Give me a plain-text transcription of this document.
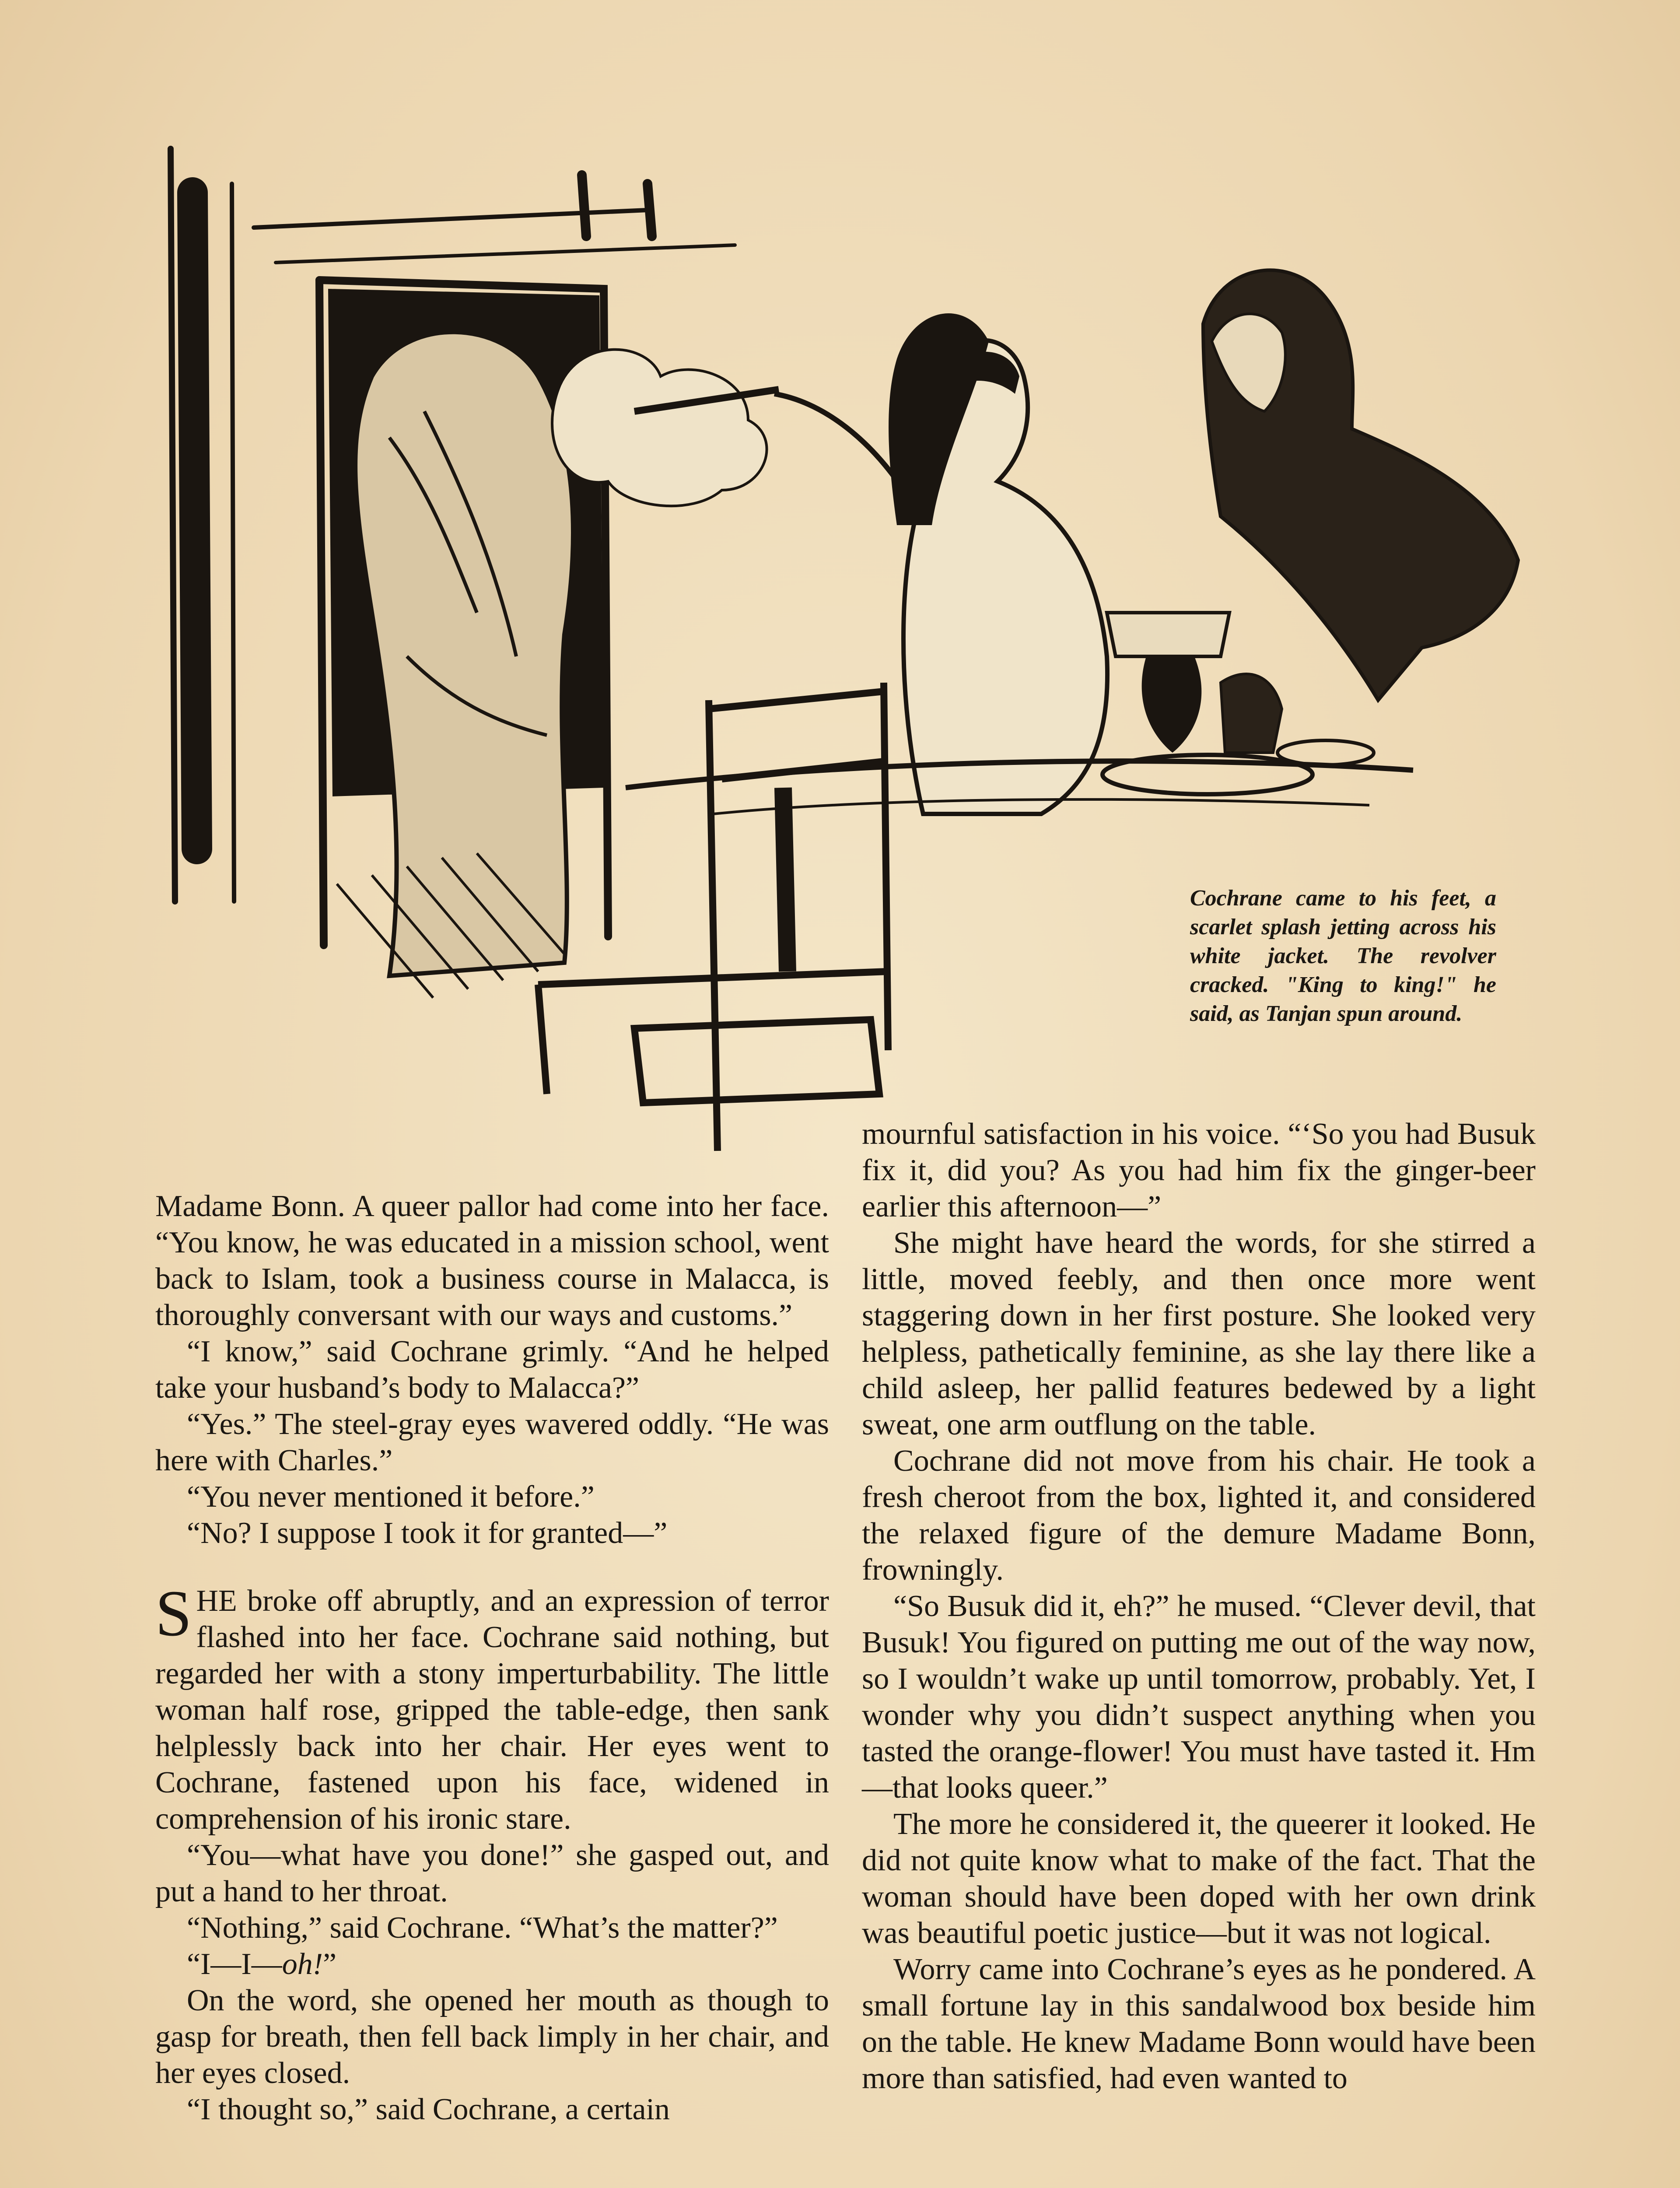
Cochrane came to his feet, a scarlet splash jetting across his white jacket. The revolver cracked. "King to king!" he said, as Tanjan spun around.

Madame Bonn. A queer pallor had come into her face. “You know, he was educated in a mission school, went back to Islam, took a business course in Malacca, is thoroughly conversant with our ways and customs.”

“I know,” said Cochrane grimly. “And he helped take your husband’s body to Malacca?”

“Yes.” The steel-gray eyes wavered oddly. “He was here with Charles.”

“You never mentioned it before.”

“No? I suppose I took it for granted—”

SHE broke off abruptly, and an expression of terror flashed into her face. Cochrane said nothing, but regarded her with a stony imperturbability. The little woman half rose, gripped the table-edge, then sank helplessly back into her chair. Her eyes went to Cochrane, fastened upon his face, widened in comprehension of his ironic stare.

“You—what have you done!” she gasped out, and put a hand to her throat.

“Nothing,” said Cochrane. “What’s the matter?”

“I—I—oh!”

On the word, she opened her mouth as though to gasp for breath, then fell back limply in her chair, and her eyes closed.

“I thought so,” said Cochrane, a certain

mournful satisfaction in his voice. “‘So you had Busuk fix it, did you? As you had him fix the ginger-beer earlier this afternoon—”

She might have heard the words, for she stirred a little, moved feebly, and then once more went staggering down in her first posture. She looked very helpless, pathetically feminine, as she lay there like a child asleep, her pallid features bedewed by a light sweat, one arm outflung on the table.

Cochrane did not move from his chair. He took a fresh cheroot from the box, lighted it, and considered the relaxed figure of the demure Madame Bonn, frowningly.

“So Busuk did it, eh?” he mused. “Clever devil, that Busuk! You figured on putting me out of the way now, so I wouldn’t wake up until tomorrow, probably. Yet, I wonder why you didn’t suspect anything when you tasted the orange-flower! You must have tasted it. Hm—that looks queer.”

The more he considered it, the queerer it looked. He did not quite know what to make of the fact. That the woman should have been doped with her own drink was beautiful poetic justice—but it was not logical.

Worry came into Cochrane’s eyes as he pondered. A small fortune lay in this sandalwood box beside him on the table. He knew Madame Bonn would have been more than satisfied, had even wanted to
